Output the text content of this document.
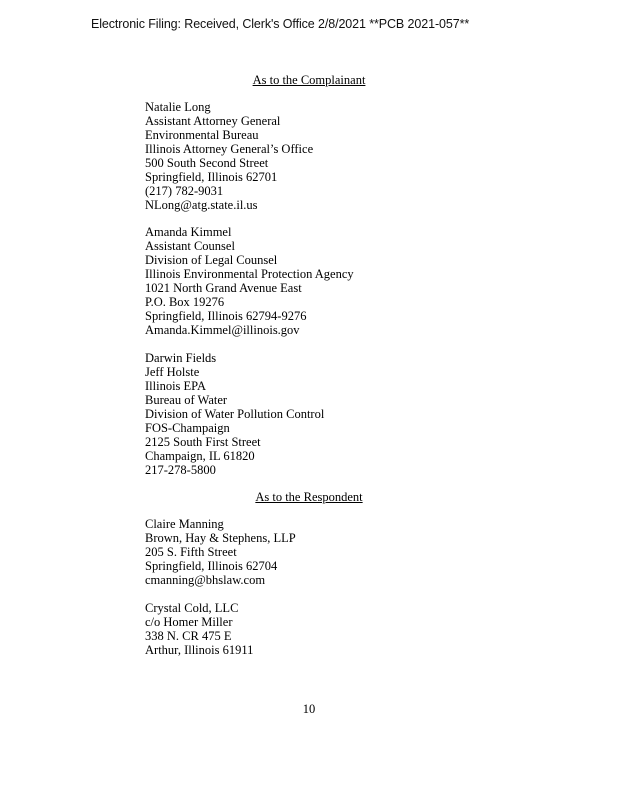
Electronic Filing: Received, Clerk's Office 2/8/2021 **PCB 2021-057**
As to the Complainant
Natalie Long
Assistant Attorney General
Environmental Bureau
Illinois Attorney General’s Office
500 South Second Street
Springfield, Illinois 62701
(217) 782-9031
NLong@atg.state.il.us
Amanda Kimmel
Assistant Counsel
Division of Legal Counsel
Illinois Environmental Protection Agency
1021 North Grand Avenue East
P.O. Box 19276
Springfield, Illinois 62794-9276
Amanda.Kimmel@illinois.gov
Darwin Fields
Jeff Holste
Illinois EPA
Bureau of Water
Division of Water Pollution Control
FOS-Champaign
2125 South First Street
Champaign, IL 61820
217-278-5800
As to the Respondent
Claire Manning
Brown, Hay & Stephens, LLP
205 S. Fifth Street
Springfield, Illinois 62704
cmanning@bhslaw.com
Crystal Cold, LLC
c/o Homer Miller
338 N. CR 475 E
Arthur, Illinois 61911
10
